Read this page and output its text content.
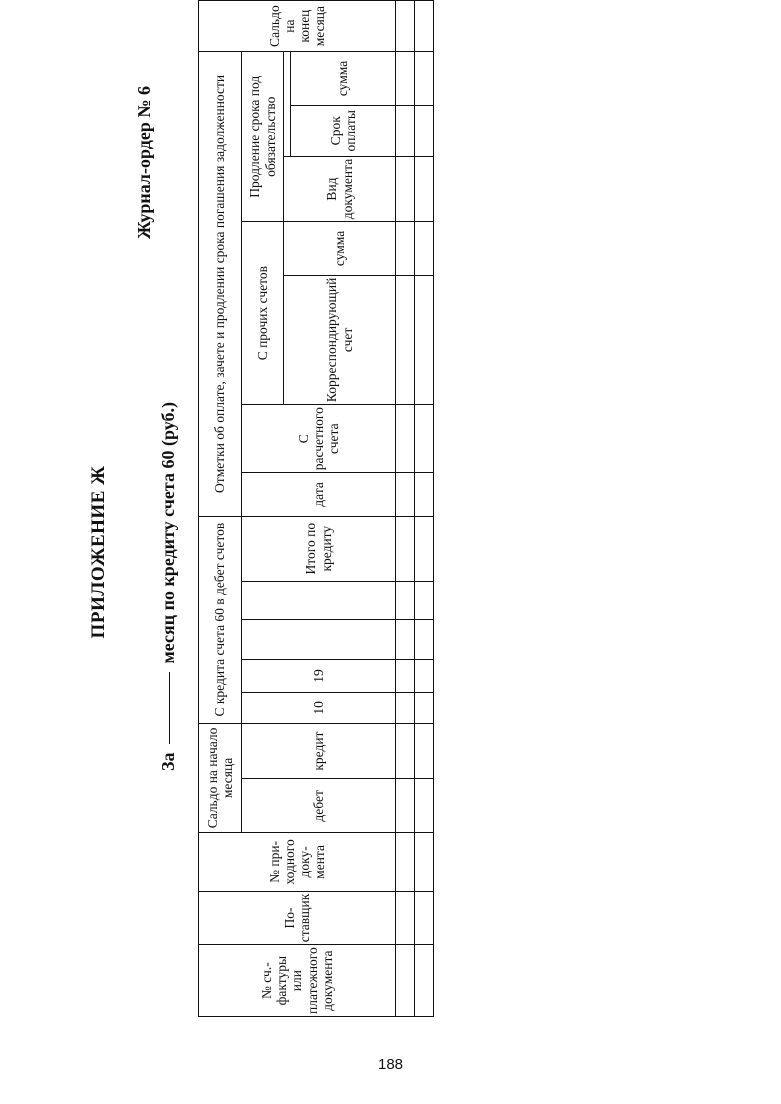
ПРИЛОЖЕНИЕ Ж
Журнал-ордер № 6
За  месяц по кредиту счета 60 (руб.)
№ сч.-фактуры или платежного документа	По-ставщик	№ при-ходного доку-мента	Сальдо на начало месяца		С кредита счета 60 в дебет счетов					Отметки об оплате, зачете и продлении срока погашения задолженности							Сальдо на конец месяца
			дебет	кредит	10	19			Итого по кредиту	дата	С расчетного счета	С прочих счетов		Продление срока под обязательство			
												Корреспондирующий счет	сумма	Вид документа			
															Срок оплаты	сумма	

188
